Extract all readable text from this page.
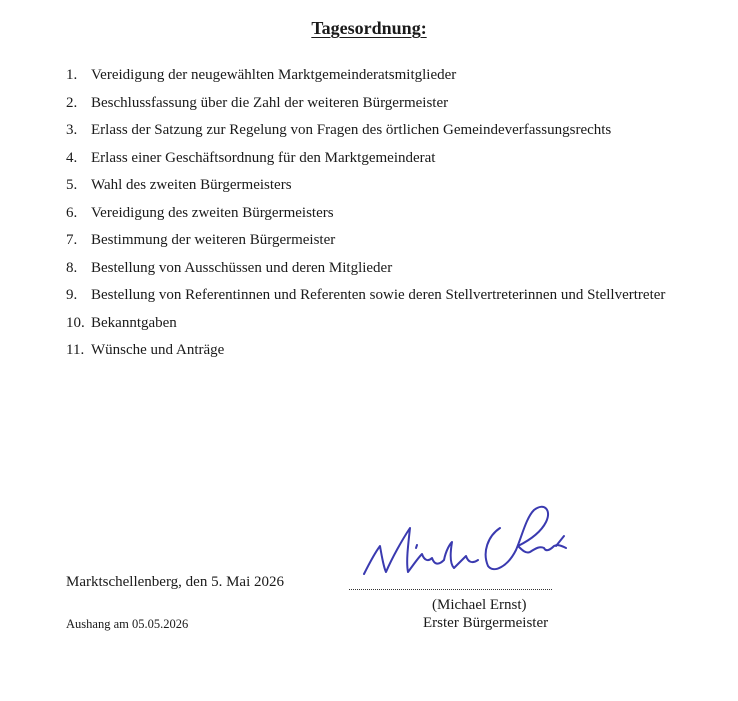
Tagesordnung:
1. Vereidigung der neugewählten Marktgemeinderatsmitglieder
2. Beschlussfassung über die Zahl der weiteren Bürgermeister
3. Erlass der Satzung zur Regelung von Fragen des örtlichen Gemeindeverfassungsrechts
4. Erlass einer Geschäftsordnung für den Marktgemeinderat
5. Wahl des zweiten Bürgermeisters
6. Vereidigung des zweiten Bürgermeisters
7. Bestimmung der weiteren Bürgermeister
8. Bestellung von Ausschüssen und deren Mitglieder
9. Bestellung von Referentinnen und Referenten sowie deren Stellvertreterinnen und Stellvertreter
10. Bekanntgaben
11. Wünsche und Anträge
Marktschellenberg, den 5. Mai 2026
Aushang am 05.05.2026
(Michael Ernst)
Erster Bürgermeister
